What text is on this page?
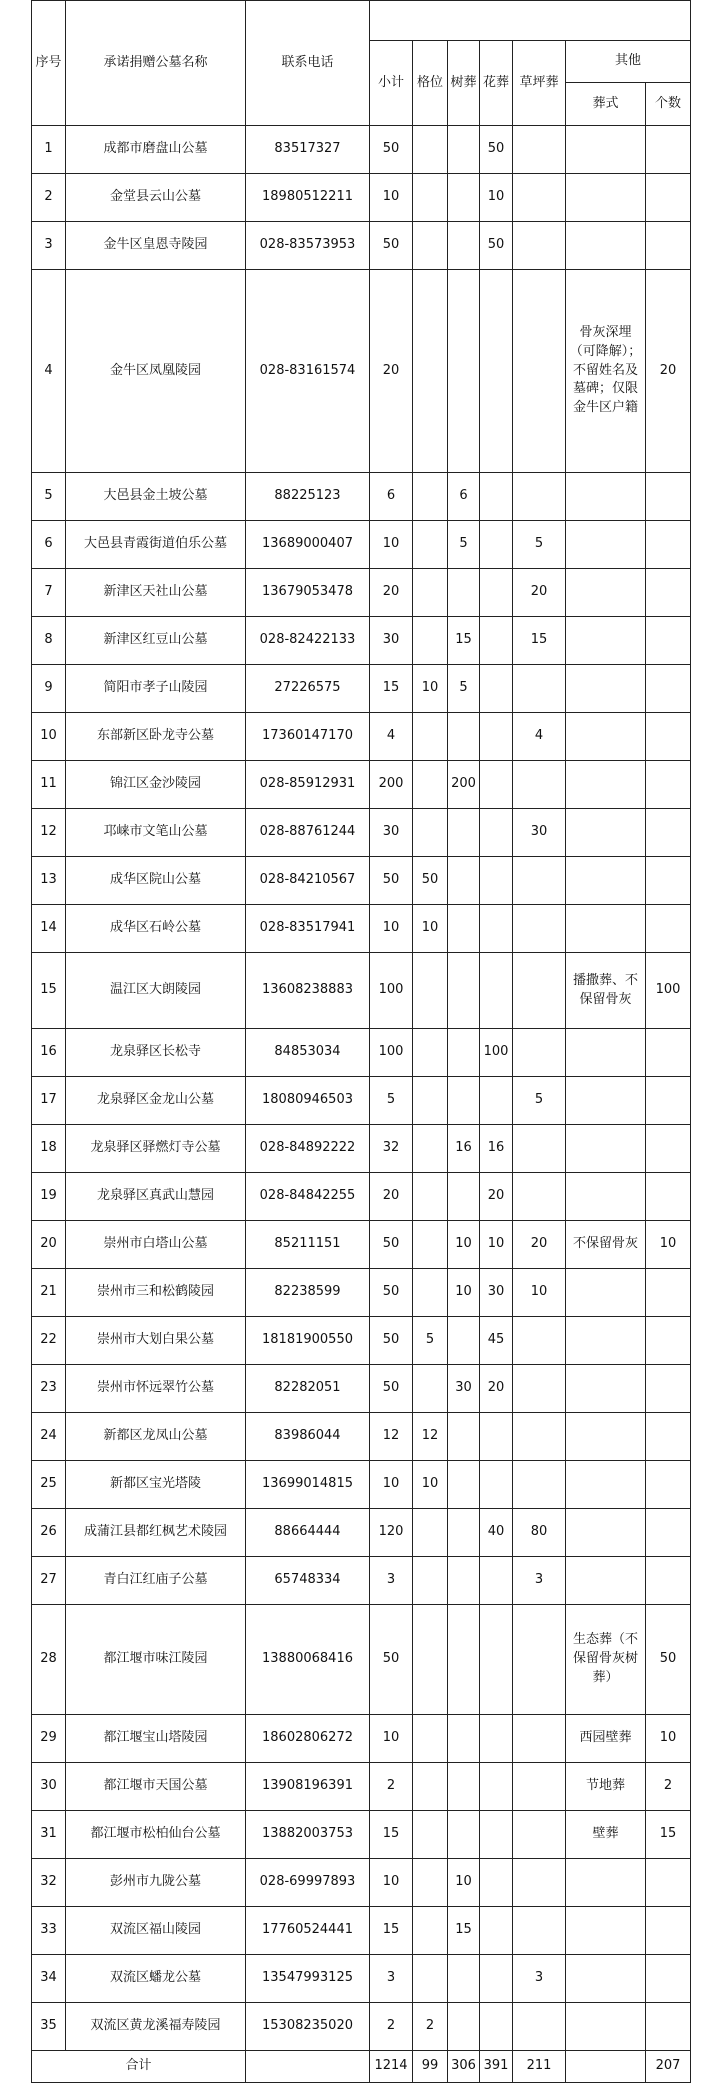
序号	承诺捐赠公墓名称	联系电话							
			小计	格位	树葬	花葬	草坪葬	其他	
								葬式	个数
1	成都市磨盘山公墓	83517327	50			50			
2	金堂县云山公墓	18980512211	10			10			
3	金牛区皇恩寺陵园	028-83573953	50			50			
4	金牛区凤凰陵园	028-83161574	20					骨灰深埋（可降解）；不留姓名及墓碑；仅限金牛区户籍	20
5	大邑县金土坡公墓	88225123	6		6				
6	大邑县青霞街道伯乐公墓	13689000407	10		5		5		
7	新津区天社山公墓	13679053478	20				20		
8	新津区红豆山公墓	028-82422133	30		15		15		
9	简阳市孝子山陵园	27226575	15	10	5				
10	东部新区卧龙寺公墓	17360147170	4				4		
11	锦江区金沙陵园	028-85912931	200		200				
12	邛崃市文笔山公墓	028-88761244	30				30		
13	成华区院山公墓	028-84210567	50	50					
14	成华区石岭公墓	028-83517941	10	10					
15	温江区大朗陵园	13608238883	100					播撒葬、不保留骨灰	100
16	龙泉驿区长松寺	84853034	100			100			
17	龙泉驿区金龙山公墓	18080946503	5				5		
18	龙泉驿区驿燃灯寺公墓	028-84892222	32		16	16			
19	龙泉驿区真武山慧园	028-84842255	20			20			
20	崇州市白塔山公墓	85211151	50		10	10	20	不保留骨灰	10
21	崇州市三和松鹤陵园	82238599	50		10	30	10		
22	崇州市大划白果公墓	18181900550	50	5		45			
23	崇州市怀远翠竹公墓	82282051	50		30	20			
24	新都区龙凤山公墓	83986044	12	12					
25	新都区宝光塔陵	13699014815	10	10					
26	成蒲江县都红枫艺术陵园	88664444	120			40	80		
27	青白江红庙子公墓	65748334	3				3		
28	都江堰市味江陵园	13880068416	50					生态葬（不保留骨灰树葬）	50
29	都江堰宝山塔陵园	18602806272	10					西园壁葬	10
30	都江堰市天国公墓	13908196391	2					节地葬	2
31	都江堰市松柏仙台公墓	13882003753	15					壁葬	15
32	彭州市九陇公墓	028-69997893	10		10				
33	双流区福山陵园	17760524441	15		15				
34	双流区蟠龙公墓	13547993125	3				3		
35	双流区黄龙溪福寿陵园	15308235020	2	2					
合计			1214	99	306	391	211		207
